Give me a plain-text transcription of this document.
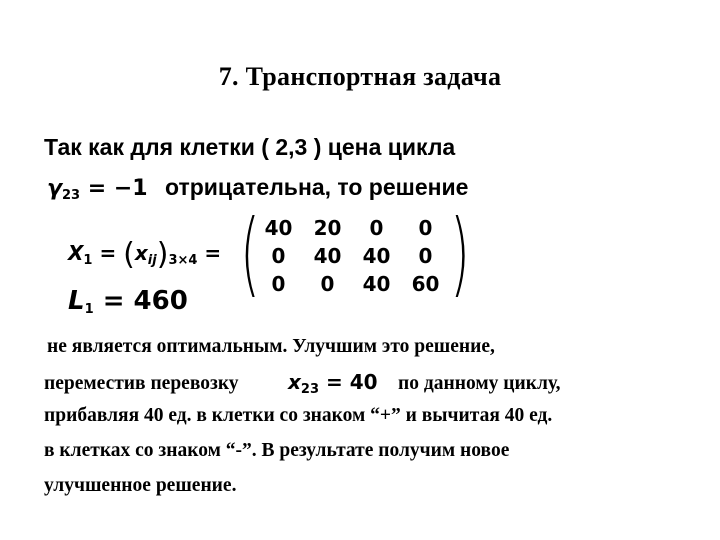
7. Транспортная задача
Так как для клетки ( 2,3 ) цена цикла
$\gamma_{23} = -1$ отрицательна, то решение
$X_1 = (x_{ij})_{3\times 4}$ = ( 40	20	0	0
0	40	40	0
0	0	40	60 )
$L_1 = 460$
не является оптимальным. Улучшим это решение,
переместив перевозку	$x_{23} = 40$ по данному циклу,
прибавляя 40 ед. в клетки со знаком “+” и вычитая 40 ед.
в клетках со знаком “-”. В результате получим новое
улучшенное решение.
